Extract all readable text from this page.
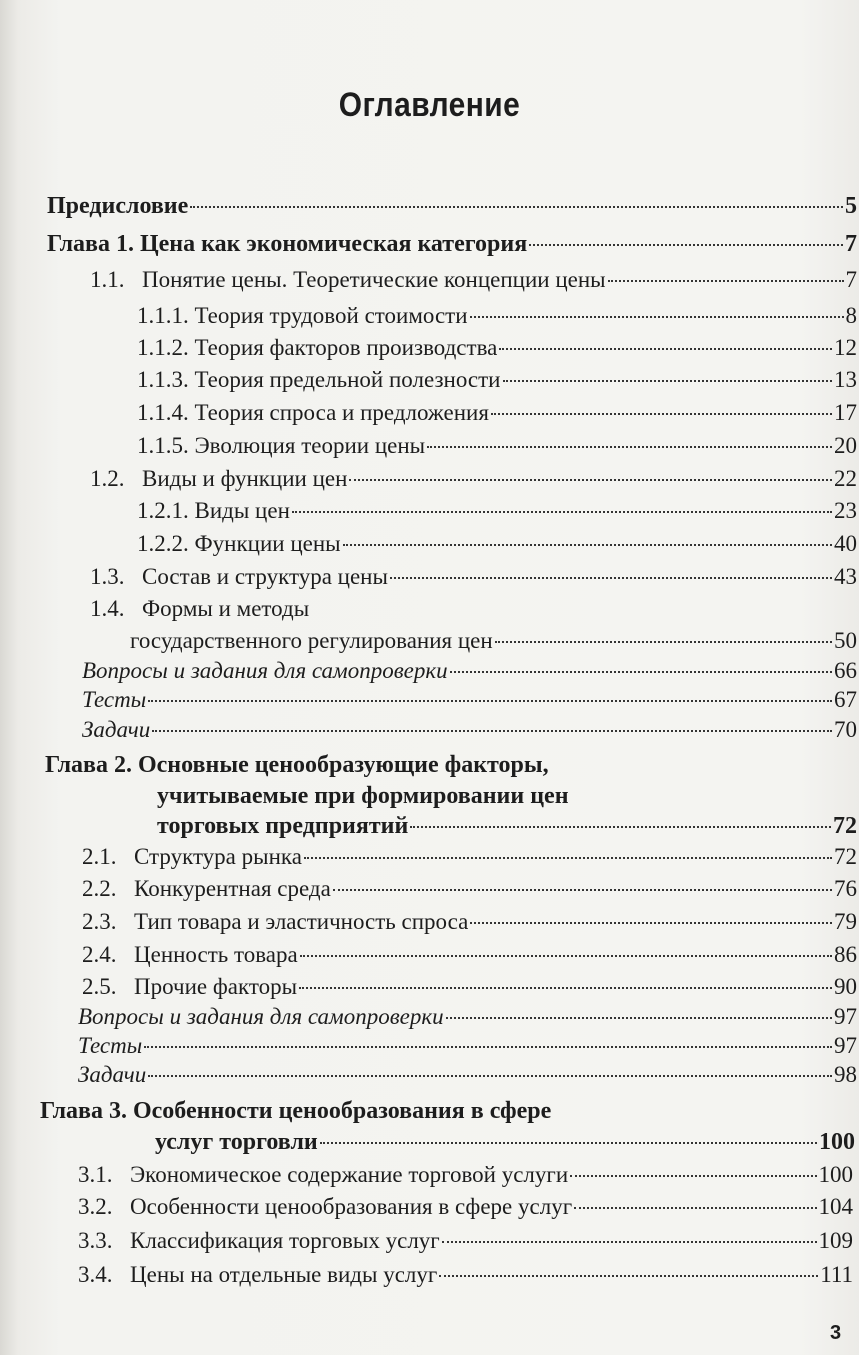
Оглавление
Предисловие	5
Глава 1. Цена как экономическая категория	7
1.1. Понятие цены. Теоретические концепции цены	7
1.1.1. Теория трудовой стоимости	8
1.1.2. Теория факторов производства	12
1.1.3. Теория предельной полезности	13
1.1.4. Теория спроса и предложения	17
1.1.5. Эволюция теории цены	20
1.2. Виды и функции цен	22
1.2.1. Виды цен	23
1.2.2. Функции цены	40
1.3. Состав и структура цены	43
1.4. Формы и методы
государственного регулирования цен	50
Вопросы и задания для самопроверки	66
Тесты	67
Задачи	70
Глава 2. Основные ценообразующие факторы,
учитываемые при формировании цен
торговых предприятий	72
2.1. Структура рынка	72
2.2. Конкурентная среда	76
2.3. Тип товара и эластичность спроса	79
2.4. Ценность товара	86
2.5. Прочие факторы	90
Вопросы и задания для самопроверки	97
Тесты	97
Задачи	98
Глава 3. Особенности ценообразования в сфере
услуг торговли	100
3.1. Экономическое содержание торговой услуги	100
3.2. Особенности ценообразования в сфере услуг	104
3.3. Классификация торговых услуг	109
3.4. Цены на отдельные виды услуг	111
3
